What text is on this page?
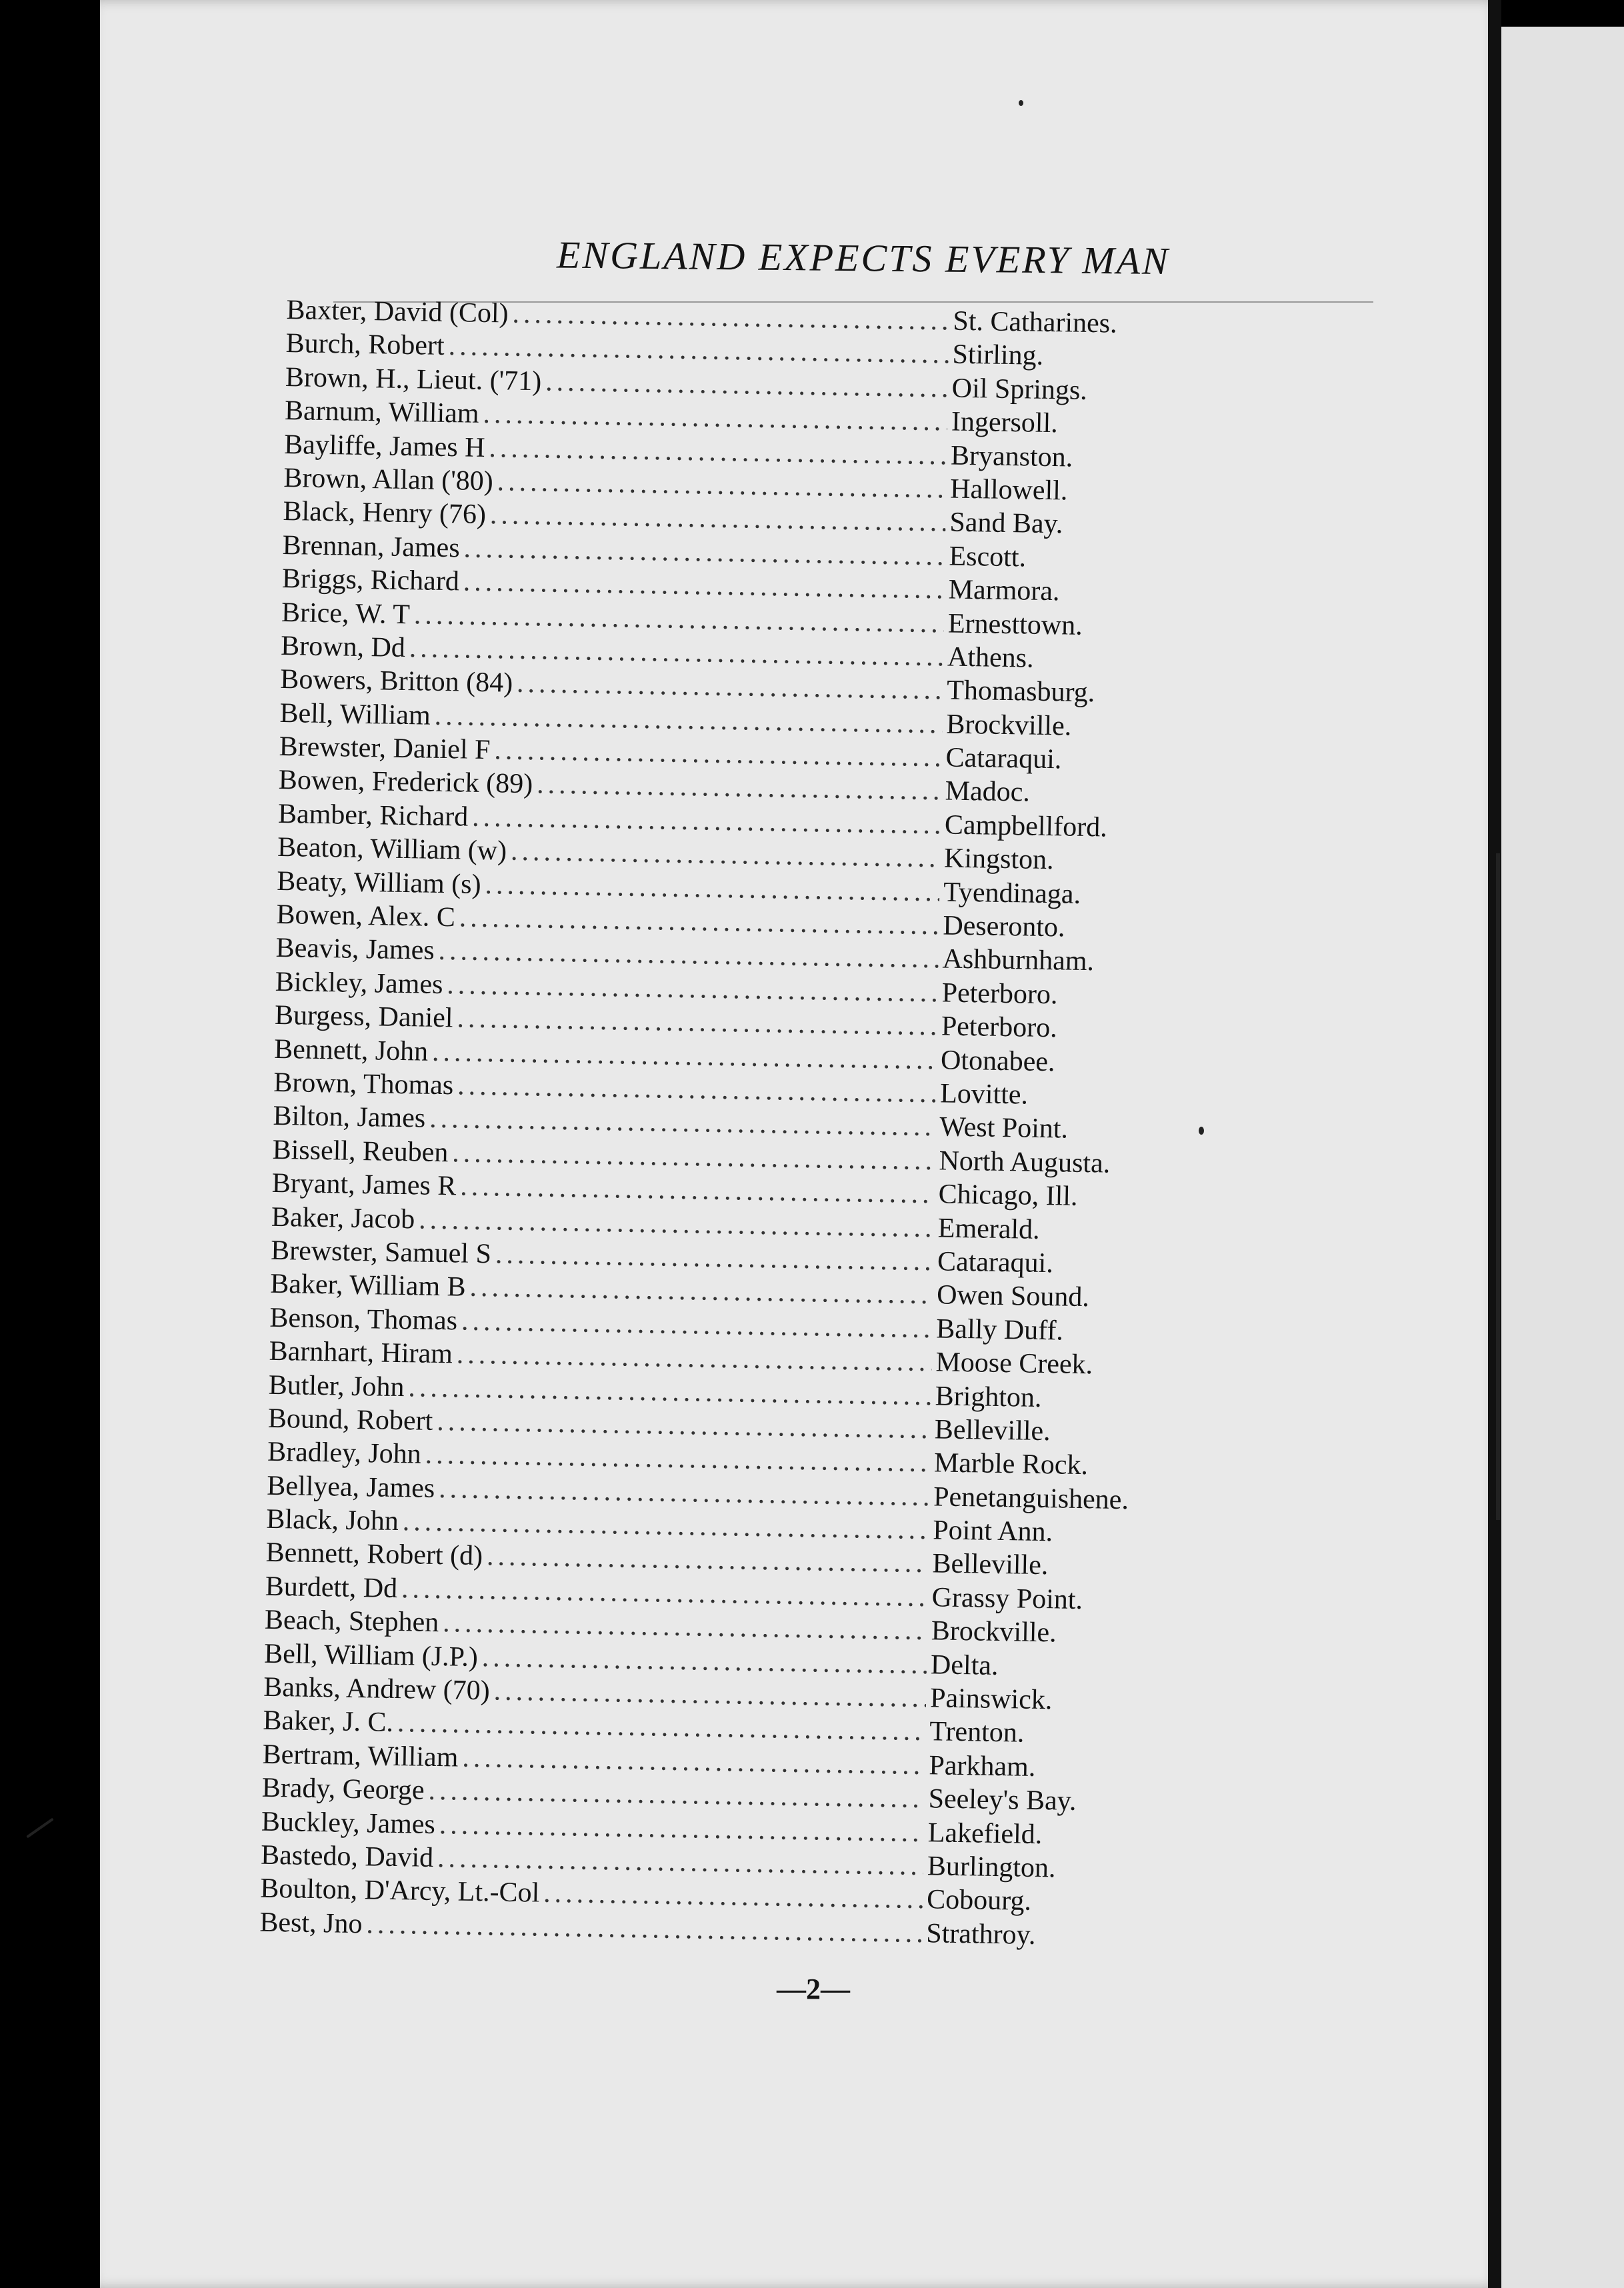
ENGLAND EXPECTS EVERY MAN
Baxter, David (Col) .....	St. Catharines.
Burch, Robert .....	Stirling.
Brown, H., Lieut. ('71) .....	Oil Springs.
Barnum, William .....	Ingersoll.
Bayliffe, James H .....	Bryanston.
Brown, Allan ('80) .....	Hallowell.
Black, Henry (76) .....	Sand Bay.
Brennan, James .....	Escott.
Briggs, Richard .....	Marmora.
Brice, W. T .....	Ernesttown.
Brown, Dd .....	Athens.
Bowers, Britton (84) .....	Thomasburg.
Bell, William .....	Brockville.
Brewster, Daniel F .....	Cataraqui.
Bowen, Frederick (89) .....	Madoc.
Bamber, Richard .....	Campbellford.
Beaton, William (w) .....	Kingston.
Beaty, William (s) .....	Tyendinaga.
Bowen, Alex. C .....	Deseronto.
Beavis, James .....	Ashburnham.
Bickley, James .....	Peterboro.
Burgess, Daniel .....	Peterboro.
Bennett, John .....	Otonabee.
Brown, Thomas .....	Lovitte.
Bilton, James .....	West Point.
Bissell, Reuben .....	North Augusta.
Bryant, James R .....	Chicago, Ill.
Baker, Jacob .....	Emerald.
Brewster, Samuel S .....	Cataraqui.
Baker, William B .....	Owen Sound.
Benson, Thomas .....	Bally Duff.
Barnhart, Hiram .....	Moose Creek.
Butler, John .....	Brighton.
Bound, Robert .....	Belleville.
Bradley, John .....	Marble Rock.
Bellyea, James .....	Penetanguishene.
Black, John .....	Point Ann.
Bennett, Robert (d) .....	Belleville.
Burdett, Dd .....	Grassy Point.
Beach, Stephen .....	Brockville.
Bell, William (J.P.) .....	Delta.
Banks, Andrew (70) .....	Painswick.
Baker, J. C. .....	Trenton.
Bertram, William .....	Parkham.
Brady, George .....	Seeley's Bay.
Buckley, James .....	Lakefield.
Bastedo, David .....	Burlington.
Boulton, D'Arcy, Lt.-Col .....	Cobourg.
Best, Jno .....	Strathroy.
—2—
